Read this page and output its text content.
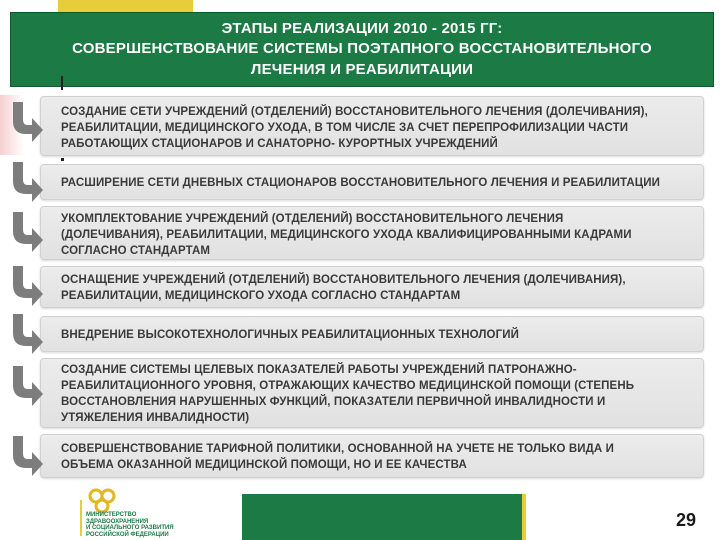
ЭТАПЫ РЕАЛИЗАЦИИ 2010 - 2015 ГГ:
СОВЕРШЕНСТВОВАНИЕ СИСТЕМЫ ПОЭТАПНОГО ВОССТАНОВИТЕЛЬНОГО
ЛЕЧЕНИЯ И РЕАБИЛИТАЦИИ
СОЗДАНИЕ СЕТИ УЧРЕЖДЕНИЙ (ОТДЕЛЕНИЙ) ВОССТАНОВИТЕЛЬНОГО ЛЕЧЕНИЯ (ДОЛЕЧИВАНИЯ),
РЕАБИЛИТАЦИИ, МЕДИЦИНСКОГО УХОДА, В ТОМ ЧИСЛЕ ЗА СЧЕТ ПЕРЕПРОФИЛИЗАЦИИ ЧАСТИ
РАБОТАЮЩИХ СТАЦИОНАРОВ И САНАТОРНО- КУРОРТНЫХ УЧРЕЖДЕНИЙ
РАСШИРЕНИЕ СЕТИ ДНЕВНЫХ СТАЦИОНАРОВ ВОССТАНОВИТЕЛЬНОГО ЛЕЧЕНИЯ И РЕАБИЛИТАЦИИ
УКОМПЛЕКТОВАНИЕ УЧРЕЖДЕНИЙ (ОТДЕЛЕНИЙ) ВОССТАНОВИТЕЛЬНОГО ЛЕЧЕНИЯ
(ДОЛЕЧИВАНИЯ), РЕАБИЛИТАЦИИ, МЕДИЦИНСКОГО УХОДА КВАЛИФИЦИРОВАННЫМИ КАДРАМИ
СОГЛАСНО СТАНДАРТАМ
ОСНАЩЕНИЕ УЧРЕЖДЕНИЙ (ОТДЕЛЕНИЙ) ВОССТАНОВИТЕЛЬНОГО ЛЕЧЕНИЯ (ДОЛЕЧИВАНИЯ),
РЕАБИЛИТАЦИИ, МЕДИЦИНСКОГО УХОДА СОГЛАСНО СТАНДАРТАМ
ВНЕДРЕНИЕ ВЫСОКОТЕХНОЛОГИЧНЫХ РЕАБИЛИТАЦИОННЫХ ТЕХНОЛОГИЙ
СОЗДАНИЕ СИСТЕМЫ ЦЕЛЕВЫХ ПОКАЗАТЕЛЕЙ РАБОТЫ УЧРЕЖДЕНИЙ ПАТРОНАЖНО-
РЕАБИЛИТАЦИОННОГО УРОВНЯ, ОТРАЖАЮЩИХ КАЧЕСТВО МЕДИЦИНСКОЙ ПОМОЩИ (СТЕПЕНЬ
ВОССТАНОВЛЕНИЯ НАРУШЕННЫХ ФУНКЦИЙ, ПОКАЗАТЕЛИ ПЕРВИЧНОЙ ИНВАЛИДНОСТИ И
УТЯЖЕЛЕНИЯ ИНВАЛИДНОСТИ)
СОВЕРШЕНСТВОВАНИЕ ТАРИФНОЙ ПОЛИТИКИ, ОСНОВАННОЙ НА УЧЕТЕ НЕ ТОЛЬКО ВИДА И
ОБЪЕМА ОКАЗАННОЙ МЕДИЦИНСКОЙ ПОМОЩИ, НО И ЕЕ КАЧЕСТВА
МИНИСТЕРСТВО
ЗДРАВООХРАНЕНИЯ
И СОЦИАЛЬНОГО РАЗВИТИЯ
РОССИЙСКОЙ ФЕДЕРАЦИИ
29
